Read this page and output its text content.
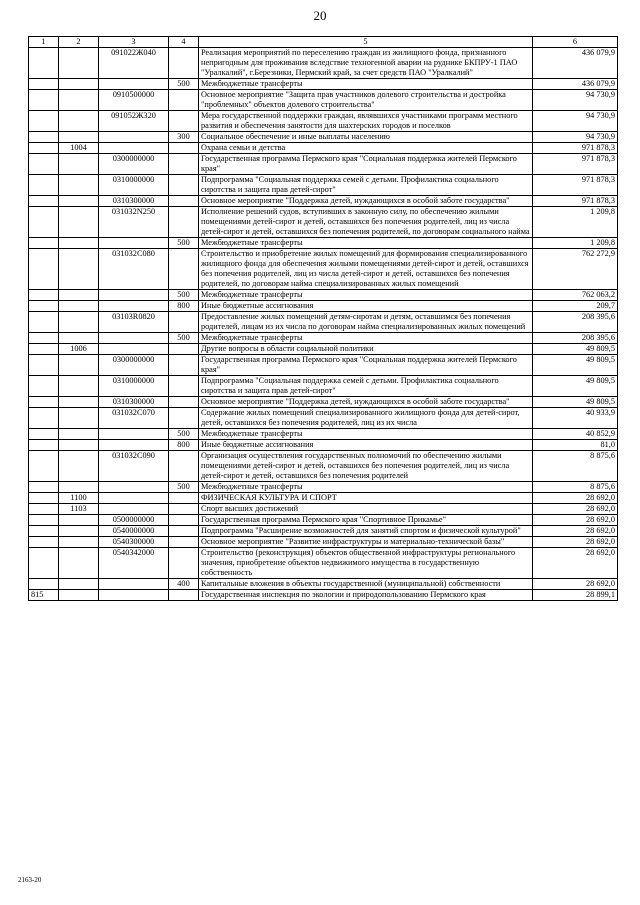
20
1	2	3	4	5	6
		091022Ж040		Реализация мероприятий по переселению граждан из жилищного фонда, признанного непригодным для проживания вследствие техногенной аварии на руднике БКПРУ-1 ПАО "Уралкалий", г.Березники, Пермский край, за счет средств ПАО "Уралкалий"	436 079,9
			500	Межбюджетные трансферты	436 079,9
		0910500000		Основное мероприятие "Защита прав участников долевого строительства и достройка "проблемных" объектов долевого строительства"	94 730,9
		091052Ж320		Мера государственной поддержки граждан, являвшихся участниками программ местного развития и обеспечения занятости для шахтерских городов и поселков	94 730,9
			300	Социальное обеспечение и иные выплаты населению	94 730,9
	1004			Охрана семьи и детства	971 878,3
		0300000000		Государственная программа Пермского края "Социальная поддержка жителей Пермского края"	971 878,3
		0310000000		Подпрограмма "Социальная поддержка семей с детьми. Профилактика социального сиротства и защита прав детей-сирот"	971 878,3
		0310300000		Основное мероприятие "Поддержка детей, нуждающихся в особой заботе государства"	971 878,3
		031032N250		Исполнение решений судов, вступивших в законную силу, по обеспечению жилыми помещениями детей-сирот и детей, оставшихся без попечения родителей, лиц из числа детей-сирот и детей, оставшихся без попечения родителей, по договорам социального найма	1 209,8
			500	Межбюджетные трансферты	1 209,8
		031032С080		Строительство и приобретение жилых помещений для формирования специализированного жилищного фонда для обеспечения жилыми помещениями детей-сирот и детей, оставшихся без попечения родителей, лиц из числа детей-сирот и детей, оставшихся без попечения родителей, по договорам найма специализированных жилых помещений	762 272,9
			500	Межбюджетные трансферты	762 063,2
			800	Иные бюджетные ассигнования	209,7
		03103R0820		Предоставление жилых помещений детям-сиротам и детям, оставшимся без попечения родителей, лицам из их числа по договорам найма специализированных жилых помещений	208 395,6
			500	Межбюджетные трансферты	208 395,6
	1006			Другие вопросы в области социальной политики	49 809,5
		0300000000		Государственная программа Пермского края "Социальная поддержка жителей Пермского края"	49 809,5
		0310000000		Подпрограмма "Социальная поддержка семей с детьми. Профилактика социального сиротства и защита прав детей-сирот"	49 809,5
		0310300000		Основное мероприятие "Поддержка детей, нуждающихся в особой заботе государства"	49 809,5
		031032С070		Содержание жилых помещений специализированного жилищного фонда для детей-сирот, детей, оставшихся без попечения родителей, лиц из их числа	40 933,9
			500	Межбюджетные трансферты	40 852,9
			800	Иные бюджетные ассигнования	81,0
		031032С090		Организация осуществления государственных полномочий по обеспечению жилыми помещениями детей-сирот и детей, оставшихся без попечения родителей, лиц из числа детей-сирот и детей, оставшихся без попечения родителей	8 875,6
			500	Межбюджетные трансферты	8 875,6
	1100			ФИЗИЧЕСКАЯ КУЛЬТУРА И СПОРТ	28 692,0
	1103			Спорт высших достижений	28 692,0
		0500000000		Государственная программа Пермского края "Спортивное Прикамье"	28 692,0
		0540000000		Подпрограмма "Расширение возможностей для занятий спортом и физической культурой"	28 692,0
		0540300000		Основное мероприятие "Развитие инфраструктуры и материально-технической базы"	28 692,0
		0540342000		Строительство (реконструкция) объектов общественной инфраструктуры регионального значения, приобретение объектов недвижимого имущества в государственную собственность	28 692,0
			400	Капитальные вложения в объекты государственной (муниципальной) собственности	28 692,0
815				Государственная инспекция по экологии и природопользованию Пермского края	28 899,1
2163-20
